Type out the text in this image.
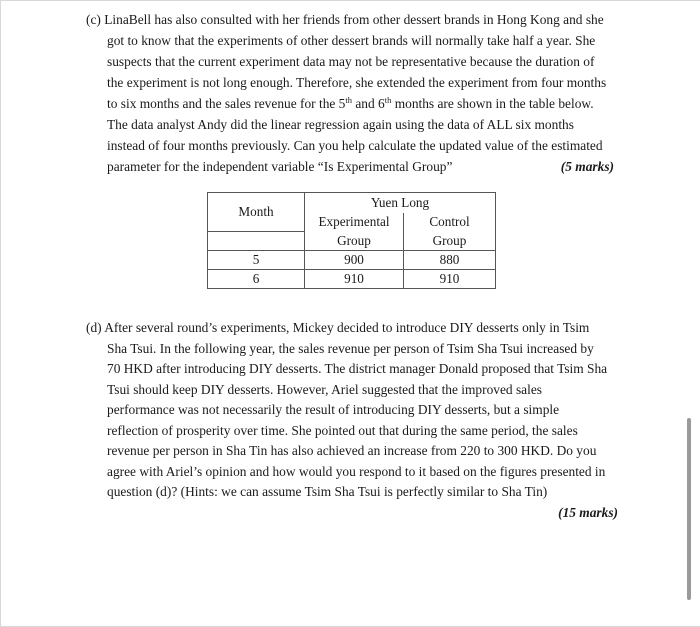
(c) LinaBell has also consulted with her friends from other dessert brands in Hong Kong and she
got to know that the experiments of other dessert brands will normally take half a year. She
suspects that the current experiment data may not be representative because the duration of
the experiment is not long enough. Therefore, she extended the experiment from four months
to six months and the sales revenue for the 5th and 6th months are shown in the table below.
The data analyst Andy did the linear regression again using the data of ALL six months
instead of four months previously. Can you help calculate the updated value of the estimated
parameter for the independent variable “Is Experimental Group”	(5 marks)
Month	Yuen Long	
	Experimental	Control
	Group	Group
5	900	880
6	910	910
(d) After several round’s experiments, Mickey decided to introduce DIY desserts only in Tsim
Sha Tsui. In the following year, the sales revenue per person of Tsim Sha Tsui increased by
70 HKD after introducing DIY desserts. The district manager Donald proposed that Tsim Sha
Tsui should keep DIY desserts. However, Ariel suggested that the improved sales
performance was not necessarily the result of introducing DIY desserts, but a simple
reflection of prosperity over time. She pointed out that during the same period, the sales
revenue per person in Sha Tin has also achieved an increase from 220 to 300 HKD. Do you
agree with Ariel’s opinion and how would you respond to it based on the figures presented in
question (d)? (Hints: we can assume Tsim Sha Tsui is perfectly similar to Sha Tin)
(15 marks)
